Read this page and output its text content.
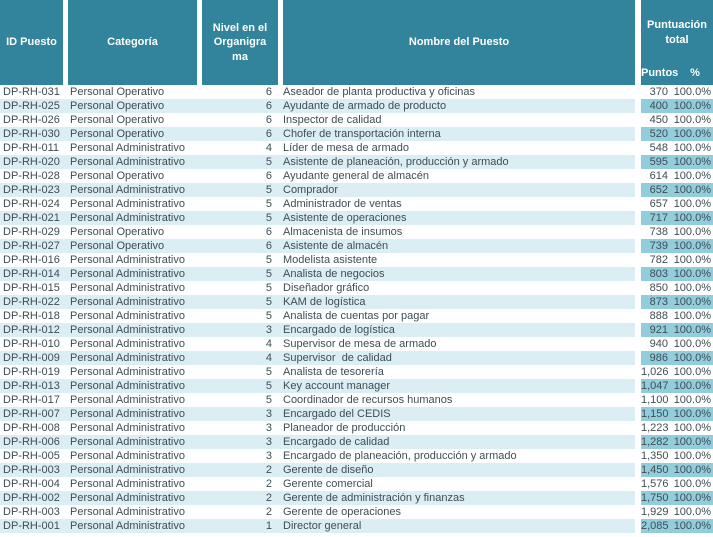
ID Puesto	Categoría
Nivel en el Organigrama
Nombre del Puesto
Puntuación total
Puntos	%
DP-RH-031 Personal Operativo	6	Aseador de planta productiva y oficinas	370 100.0%
DP-RH-025 Personal Operativo	6	Ayudante de armado de producto	400 100.0%
DP-RH-026 Personal Operativo	6	Inspector de calidad	450 100.0%
DP-RH-030 Personal Operativo	6	Chofer de transportación interna	520 100.0%
DP-RH-011 Personal Administrativo	4	Líder de mesa de armado	548 100.0%
DP-RH-020 Personal Administrativo	5	Asistente de planeación, producción y armado	595 100.0%
DP-RH-028 Personal Operativo	6	Ayudante general de almacén	614 100.0%
DP-RH-023 Personal Administrativo	5	Comprador	652 100.0%
DP-RH-024 Personal Administrativo	5	Administrador de ventas	657 100.0%
DP-RH-021 Personal Administrativo	5	Asistente de operaciones	717 100.0%
DP-RH-029 Personal Operativo	6	Almacenista de insumos	738 100.0%
DP-RH-027 Personal Operativo	6	Asistente de almacén	739 100.0%
DP-RH-016 Personal Administrativo	5	Modelista asistente	782 100.0%
DP-RH-014 Personal Administrativo	5	Analista de negocios	803 100.0%
DP-RH-015 Personal Administrativo	5	Diseñador gráfico	850 100.0%
DP-RH-022 Personal Administrativo	5	KAM de logística	873 100.0%
DP-RH-018 Personal Administrativo	5	Analista de cuentas por pagar	888 100.0%
DP-RH-012 Personal Administrativo	3	Encargado de logística	921 100.0%
DP-RH-010 Personal Administrativo	4	Supervisor de mesa de armado	940 100.0%
DP-RH-009 Personal Administrativo	4	Supervisor  de calidad	986 100.0%
DP-RH-019 Personal Administrativo	5	Analista de tesorería	1,026 100.0%
DP-RH-013 Personal Administrativo	5	Key account manager	1,047 100.0%
DP-RH-017 Personal Administrativo	5	Coordinador de recursos humanos	1,100 100.0%
DP-RH-007 Personal Administrativo	3	Encargado del CEDIS	1,150 100.0%
DP-RH-008 Personal Administrativo	3	Planeador de producción	1,223 100.0%
DP-RH-006 Personal Administrativo	3	Encargado de calidad	1,282 100.0%
DP-RH-005 Personal Administrativo	3	Encargado de planeación, producción y armado	1,350 100.0%
DP-RH-003 Personal Administrativo	2	Gerente de diseño	1,450 100.0%
DP-RH-004 Personal Administrativo	2	Gerente comercial	1,576 100.0%
DP-RH-002 Personal Administrativo	2	Gerente de administración y finanzas	1,750 100.0%
DP-RH-003 Personal Administrativo	2	Gerente de operaciones	1,929 100.0%
DP-RH-001 Personal Administrativo	1	Director general	2,085 100.0%
